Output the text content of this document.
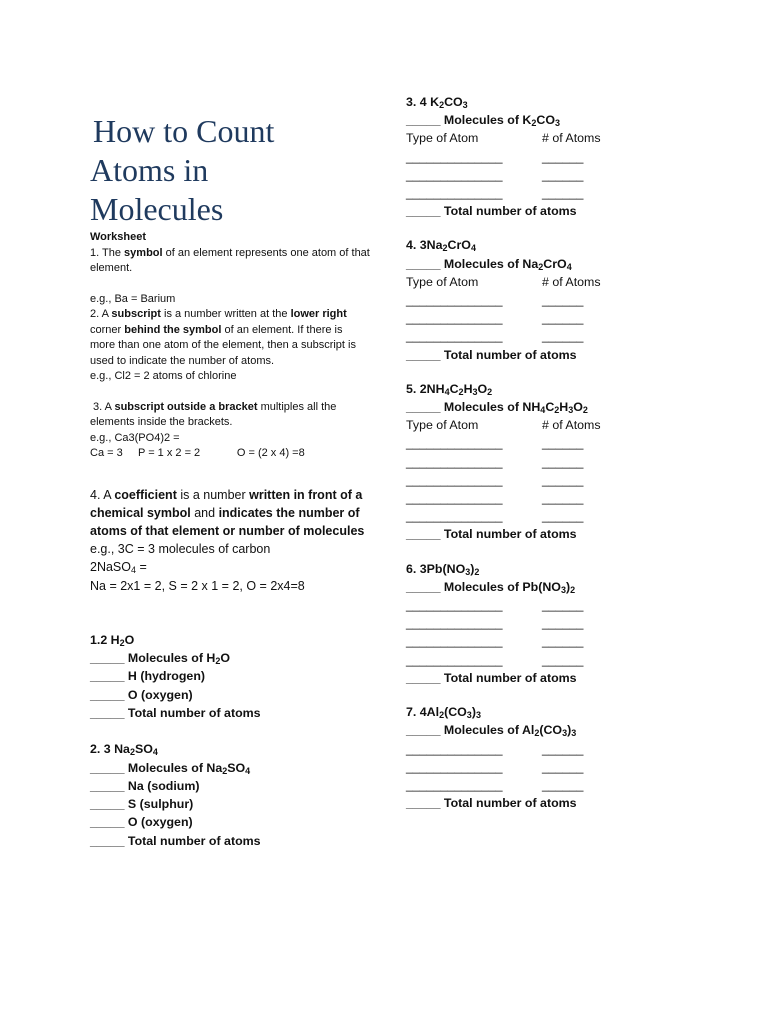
How to Count
Atoms in
Molecules

Worksheet

1. The symbol of an element represents one atom of that element.

e.g., Ba = Barium

2. A subscript is a number written at the lower right corner behind the symbol of an element. If there is more than one atom of the element, then a subscript is used to indicate the number of atoms.

e.g., Cl2 = 2 atoms of chlorine

3. A subscript outside a bracket multiples all the elements inside the brackets.

e.g., Ca3(PO4)2 =

Ca = 3     P = 1 x 2 = 2            O = (2 x 4) =8

4. A coefficient is a number written in front of a chemical symbol and indicates the number of atoms of that element or number of molecules

e.g., 3C = 3 molecules of carbon

2NaSO$_4$ =

Na = 2x1 = 2, S = 2 x 1 = 2, O = 2x4=8

1.2 $H_2O$

_____ Molecules of $H_2O$

_____ H (hydrogen)

_____ O (oxygen)

_____ Total number of atoms

2. 3 $Na_2SO_4$

_____ Molecules of $Na_2SO_4$

_____ Na (sodium)

_____ S (sulphur)

_____ O (oxygen)

_____ Total number of atoms

3. 4 $K_2CO_3$

_____ Molecules of $K_2CO_3$

Type of Atom	# of Atoms
______________	______
______________	______
______________	______

_____ Total number of atoms

4. $3Na_2CrO_4$

_____ Molecules of $Na_2CrO_4$

Type of Atom	# of Atoms
______________	______
______________	______
______________	______

_____ Total number of atoms

5. $2NH_4C_2H_3O_2$

_____ Molecules of $NH_4C_2H_3O_2$

Type of Atom	# of Atoms
______________	______
______________	______
______________	______
______________	______
______________	______

_____ Total number of atoms

6. $3Pb(NO_3)_2$

_____ Molecules of $Pb(NO_3)_2$

______________	______
______________	______
______________	______
______________	______

_____ Total number of atoms

7. $4Al_2(CO_3)_3$

_____ Molecules of $Al_2(CO_3)_3$

______________	______
______________	______
______________	______

_____ Total number of atoms
